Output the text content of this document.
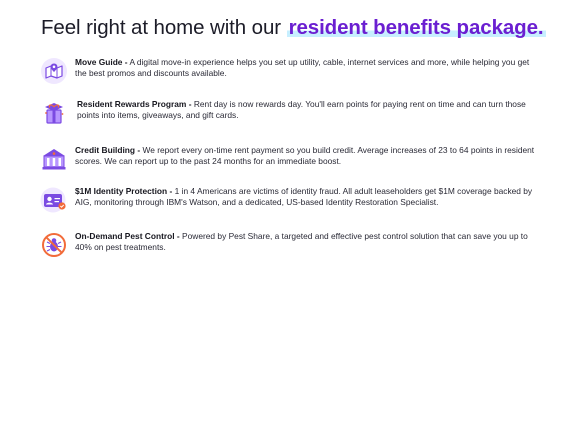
Feel right at home with our resident benefits package.
Move Guide - A digital move-in experience helps you set up utility, cable, internet services and more, while helping you get the best promos and discounts available.
Resident Rewards Program - Rent day is now rewards day. You'll earn points for paying rent on time and can turn those points into items, giveaways, and gift cards.
Credit Building - We report every on-time rent payment so you build credit. Average increases of 23 to 64 points in resident scores. We can report up to the past 24 months for an immediate boost.
$1M Identity Protection - 1 in 4 Americans are victims of identity fraud. All adult leaseholders get $1M coverage backed by AIG, monitoring through IBM's Watson, and a dedicated, US-based Identity Restoration Specialist.
On-Demand Pest Control - Powered by Pest Share, a targeted and effective pest control solution that can save you up to 40% on pest treatments.
